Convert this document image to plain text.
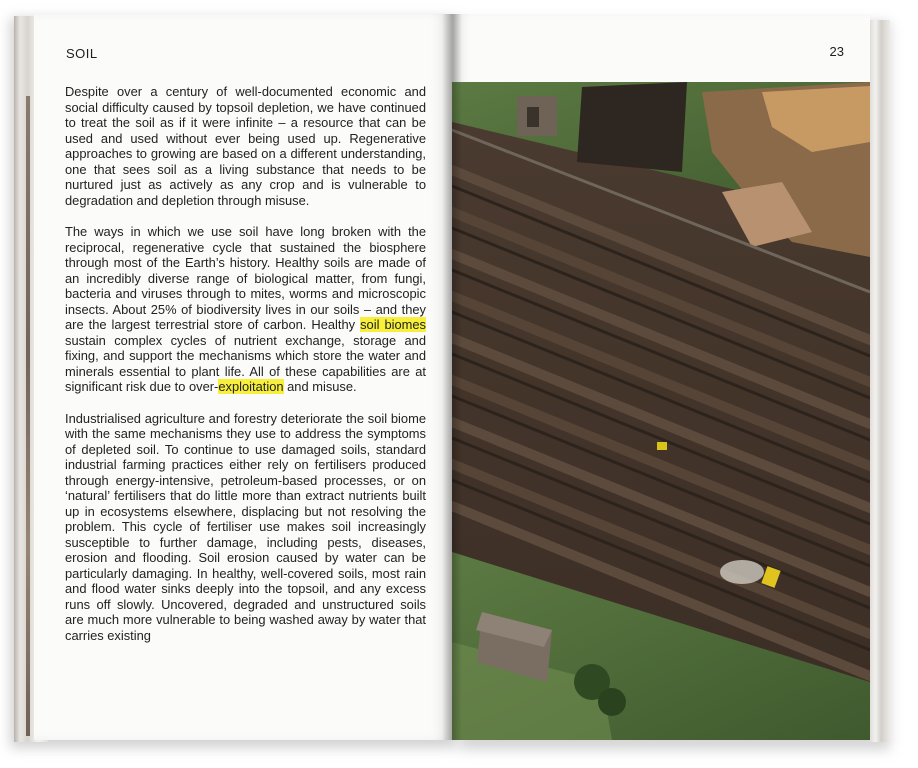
SOIL

Despite over a century of well-documented economic and social difficulty caused by topsoil depletion, we have continued to treat the soil as if it were infinite – a resource that can be used and used without ever being used up. Regenerative approaches to growing are based on a different understanding, one that sees soil as a living substance that needs to be nurtured just as actively as any crop and is vulnerable to degradation and depletion through misuse.

The ways in which we use soil have long broken with the reciprocal, regenerative cycle that sustained the biosphere through most of the Earth’s history. Healthy soils are made of an incredibly diverse range of biological matter, from fungi, bacteria and viruses through to mites, worms and microscopic insects. About 25% of biodiversity lives in our soils – and they are the largest terrestrial store of carbon. Healthy soil biomes sustain complex cycles of nutrient exchange, storage and fixing, and support the mechanisms which store the water and minerals essential to plant life. All of these capabilities are at significant risk due to over-exploitation and misuse.

Industrialised agriculture and forestry deteriorate the soil biome with the same mechanisms they use to address the symptoms of depleted soil. To continue to use damaged soils, standard industrial farming practices either rely on fertilisers produced through energy-intensive, petroleum-based processes, or on ‘natural’ fertilisers that do little more than extract nutrients built up in ecosystems elsewhere, displacing but not resolving the problem. This cycle of fertiliser use makes soil increasingly susceptible to further damage, including pests, diseases, erosion and flooding. Soil erosion caused by water can be particularly damaging. In healthy, well-covered soils, most rain and flood water sinks deeply into the topsoil, and any excess runs off slowly. Uncovered, degraded and unstructured soils are much more vulnerable to being washed away by water that carries existing

23
